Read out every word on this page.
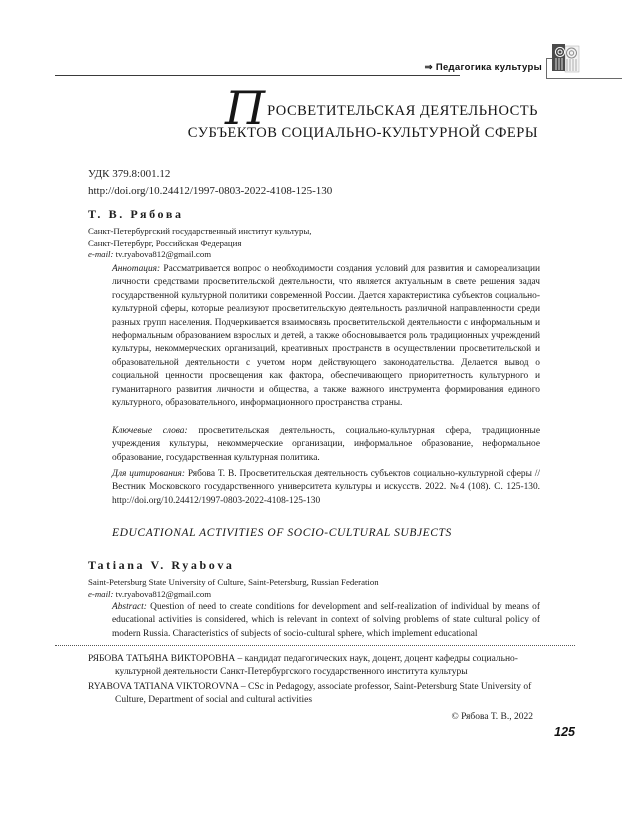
⇒ Педагогика культуры
ПРОСВЕТИТЕЛЬСКАЯ ДЕЯТЕЛЬНОСТЬ
СУБЪЕКТОВ СОЦИАЛЬНО-КУЛЬТУРНОЙ СФЕРЫ
УДК 379.8:001.12
http://doi.org/10.24412/1997-0803-2022-4108-125-130
Т. В. Рябова
Санкт-Петербургский государственный институт культуры,
Санкт-Петербург, Российская Федерация
e-mail: tv.ryabova812@gmail.com
Аннотация: Рассматривается вопрос о необходимости создания условий для развития и самореализации личности средствами просветительской деятельности, что является актуальным в свете решения задач государственной культурной политики современной России. Дается характеристика субъектов социально-культурной сферы, которые реализуют просветительскую деятельность различной направленности среди разных групп населения. Подчеркивается взаимосвязь просветительской деятельности с информальным и неформальным образованием взрослых и детей, а также обосновывается роль традиционных учреждений культуры, некоммерческих организаций, креативных пространств в осуществлении просветительской и образовательной деятельности с учетом норм действующего законодательства. Делается вывод о социальной ценности просвещения как фактора, обеспечивающего приоритетность культурного и гуманитарного развития личности и общества, а также важного инструмента формирования единого культурного, образовательного, информационного пространства страны.
Ключевые слова: просветительская деятельность, социально-культурная сфера, традиционные учреждения культуры, некоммерческие организации, информальное образование, неформальное образование, государственная культурная политика.
Для цитирования: Рябова Т. В. Просветительская деятельность субъектов социально-культурной сферы // Вестник Московского государственного университета культуры и искусств. 2022. №4 (108). С. 125-130. http://doi.org/10.24412/1997-0803-2022-4108-125-130
EDUCATIONAL ACTIVITIES OF SOCIO-CULTURAL SUBJECTS
Tatiana V. Ryabova
Saint-Petersburg State University of Culture, Saint-Petersburg, Russian Federation
e-mail: tv.ryabova812@gmail.com
Abstract: Question of need to create conditions for development and self-realization of individual by means of educational activities is considered, which is relevant in context of solving problems of state cultural policy of modern Russia. Characteristics of subjects of socio-cultural sphere, which implement educational

РЯБОВА ТАТЬЯНА ВИКТОРОВНА – кандидат педагогических наук, доцент, доцент кафедры социально-культурной деятельности Санкт-Петербургского государственного института культуры

RYABOVA TATIANA VIKTOROVNA – CSc in Pedagogy, associate professor, Saint-Petersburg State University of Culture, Department of social and cultural activities

© Рябова Т. В., 2022
125
